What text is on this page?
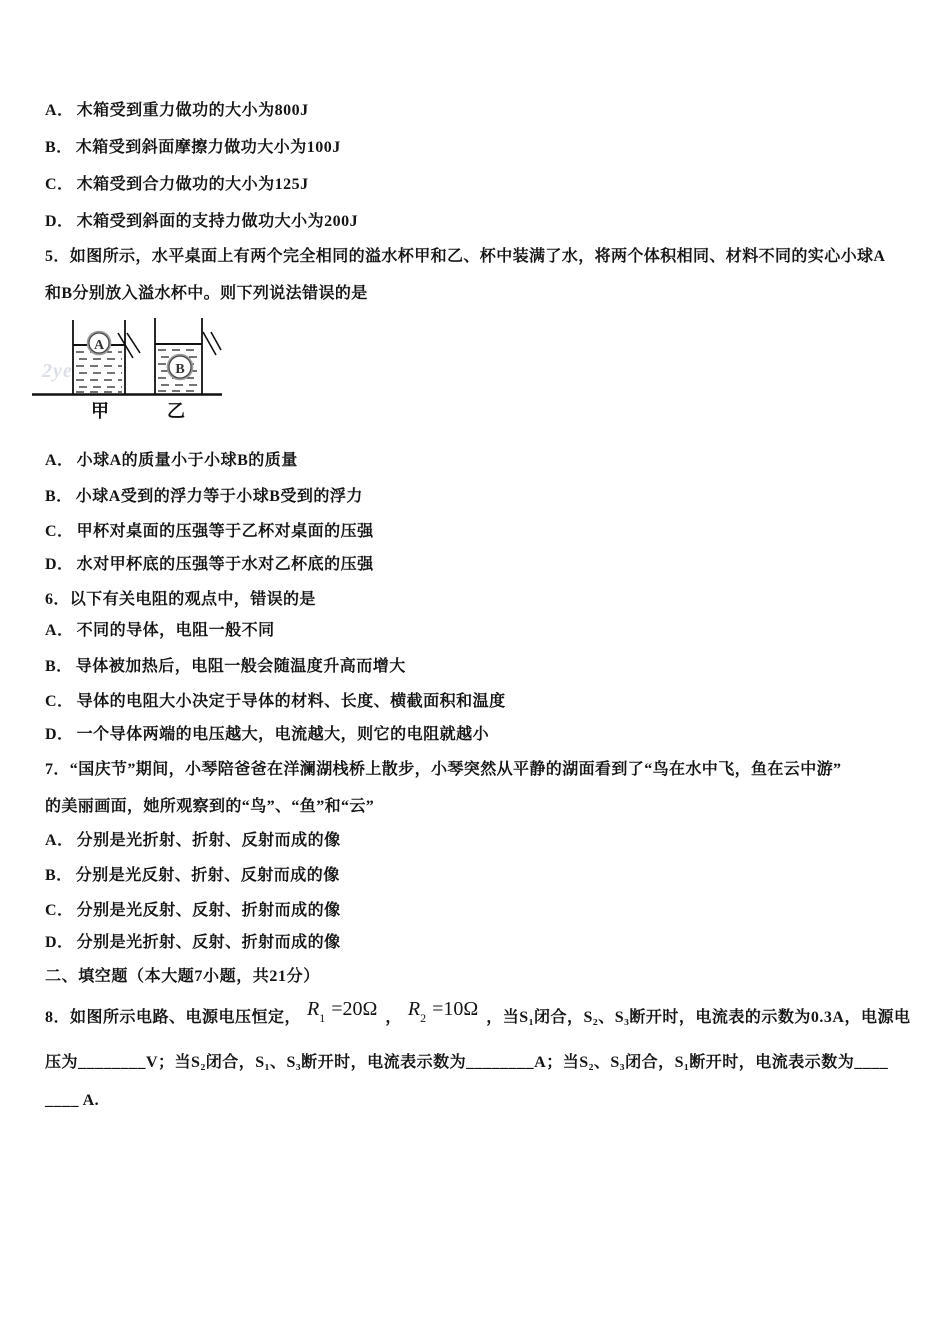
A． 木箱受到重力做功的大小为800J
B． 木箱受到斜面摩擦力做功大小为100J
C． 木箱受到合力做功的大小为125J
D． 木箱受到斜面的支持力做功大小为200J
5．如图所示，水平桌面上有两个完全相同的溢水杯甲和乙、杯中装满了水，将两个体积相同、材料不同的实心小球A
和B分别放入溢水杯中。则下列说法错误的是
2ye
A
B
甲	乙
A． 小球A的质量小于小球B的质量
B． 小球A受到的浮力等于小球B受到的浮力
C． 甲杯对桌面的压强等于乙杯对桌面的压强
D． 水对甲杯底的压强等于水对乙杯底的压强
6．以下有关电阻的观点中，错误的是
A． 不同的导体，电阻一般不同
B． 导体被加热后，电阻一般会随温度升高而增大
C． 导体的电阻大小决定于导体的材料、长度、横截面积和温度
D． 一个导体两端的电压越大，电流越大，则它的电阻就越小
7．“国庆节”期间，小琴陪爸爸在洋澜湖栈桥上散步，小琴突然从平静的湖面看到了“鸟在水中飞，鱼在云中游”
的美丽画面，她所观察到的“鸟”、“鱼”和“云”
A． 分别是光折射、折射、反射而成的像
B． 分别是光反射、折射、反射而成的像
C． 分别是光反射、反射、折射而成的像
D． 分别是光折射、反射、折射而成的像
二、填空题（本大题7小题，共21分）
8．如图所示电路、电源电压恒定， $R_1 =20\Omega$ ， $R_2 =10\Omega$ ，当S₁闭合，S₂、S₃断开时，电流表的示数为0.3A，电源电
压为________V；当S₂闭合，S₁、S₃断开时，电流表示数为________A；当S₂、S₃闭合，S₁断开时，电流表示数为____
____ A.
